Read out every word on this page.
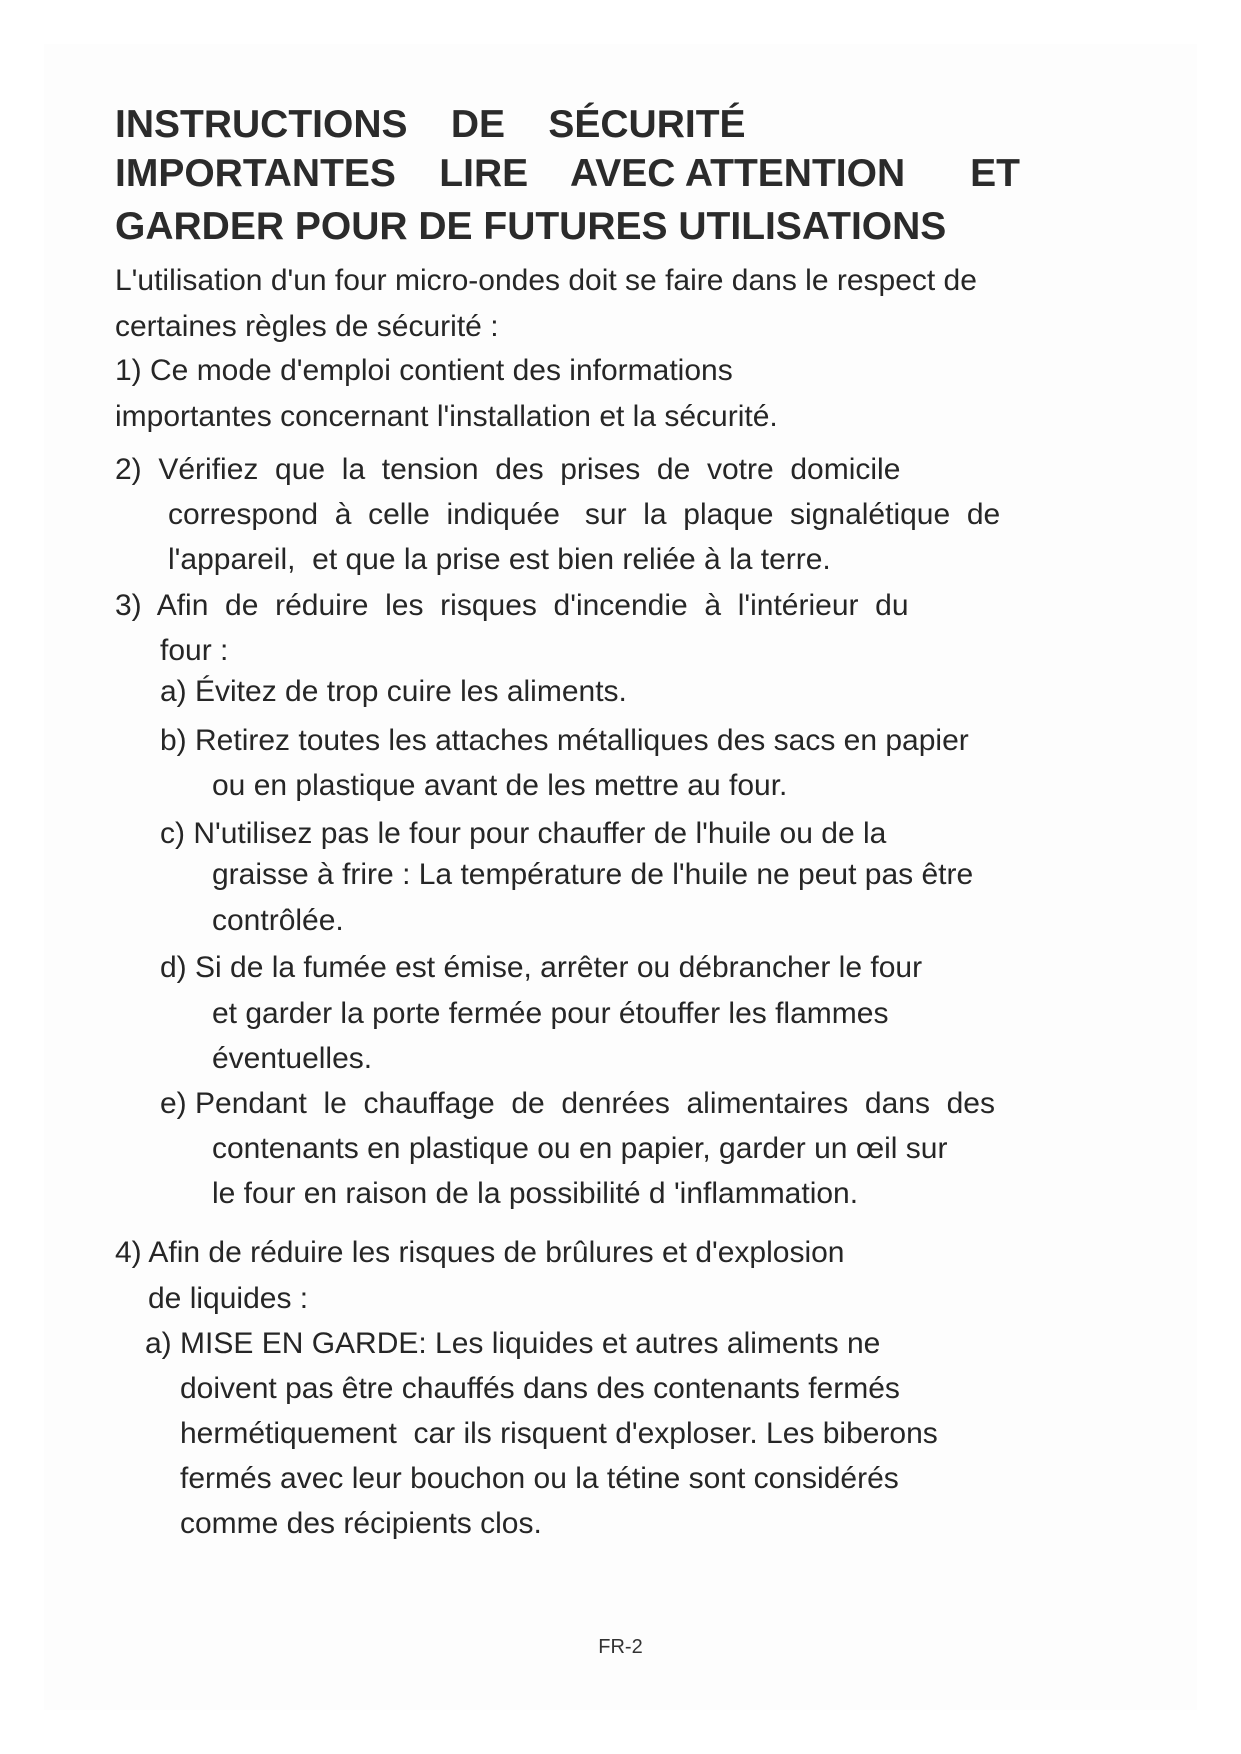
INSTRUCTIONS    DE    SÉCURITÉ
IMPORTANTES    LIRE    AVEC ATTENTION      ET
GARDER POUR DE FUTURES UTILISATIONS
L'utilisation d'un four micro-ondes doit se faire dans le respect de
certaines règles de sécurité :
1) Ce mode d'emploi contient des informations
importantes concernant l'installation et la sécurité.
2)  Vérifiez  que  la  tension  des  prises  de  votre  domicile
correspond  à  celle  indiquée   sur  la  plaque  signalétique  de
l'appareil,  et que la prise est bien reliée à la terre.
3)  Afin  de  réduire  les  risques  d'incendie  à  l'intérieur  du
four :
a) Évitez de trop cuire les aliments.
b) Retirez toutes les attaches métalliques des sacs en papier
ou en plastique avant de les mettre au four.
c) N'utilisez pas le four pour chauffer de l'huile ou de la
graisse à frire : La température de l'huile ne peut pas être
contrôlée.
d) Si de la fumée est émise, arrêter ou débrancher le four
et garder la porte fermée pour étouffer les flammes
éventuelles.
e) Pendant  le  chauffage  de  denrées  alimentaires  dans  des
contenants en plastique ou en papier, garder un œil sur
le four en raison de la possibilité d 'inflammation.
4) Afin de réduire les risques de brûlures et d'explosion
de liquides :
a) MISE EN GARDE: Les liquides et autres aliments ne
doivent pas être chauffés dans des contenants fermés
hermétiquement  car ils risquent d'exploser. Les biberons
fermés avec leur bouchon ou la tétine sont considérés
comme des récipients clos.
FR-2
